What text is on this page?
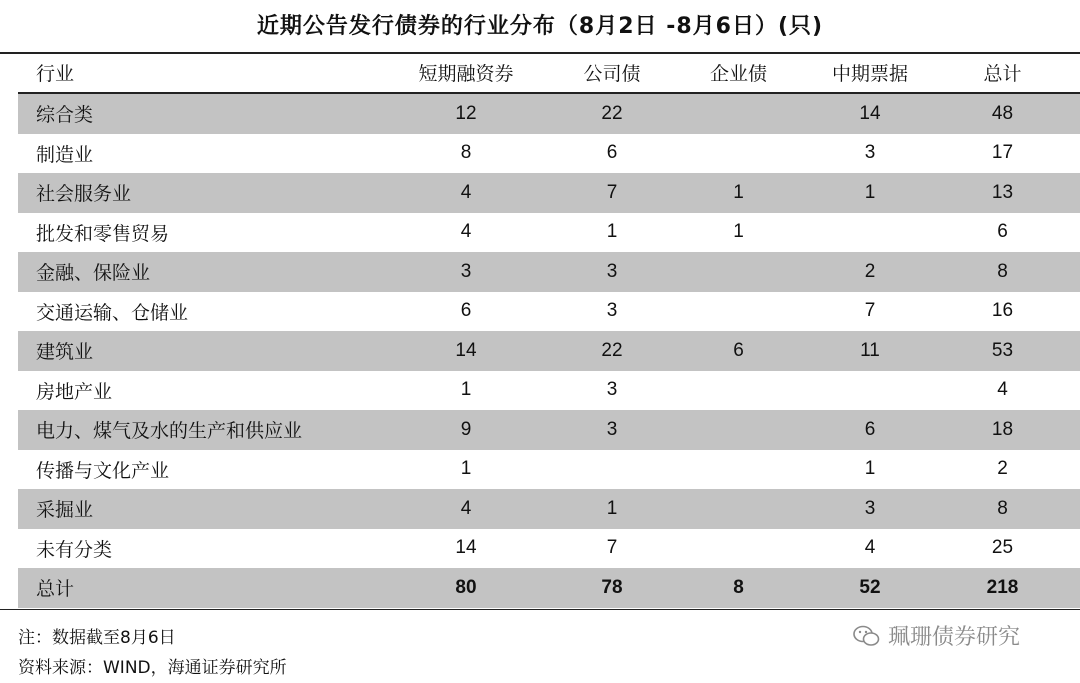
近期公告发行债券的行业分布（8月2日 -8月6日）(只)
行业	短期融资券	公司债	企业债	中期票据	总计
综合类	12	22		14	48
制造业	8	6		3	17
社会服务业	4	7	1	1	13
批发和零售贸易	4	1	1		6
金融、保险业	3	3		2	8
交通运输、仓储业	6	3		7	16
建筑业	14	22	6	11	53
房地产业	1	3			4
电力、煤气及水的生产和供应业	9	3		6	18
传播与文化产业	1			1	2
采掘业	4	1		3	8
未有分类	14	7		4	25
总计	80	78	8	52	218
注：数据截至8月6日
资料来源：WIND，海通证券研究所
珮珊债券研究
